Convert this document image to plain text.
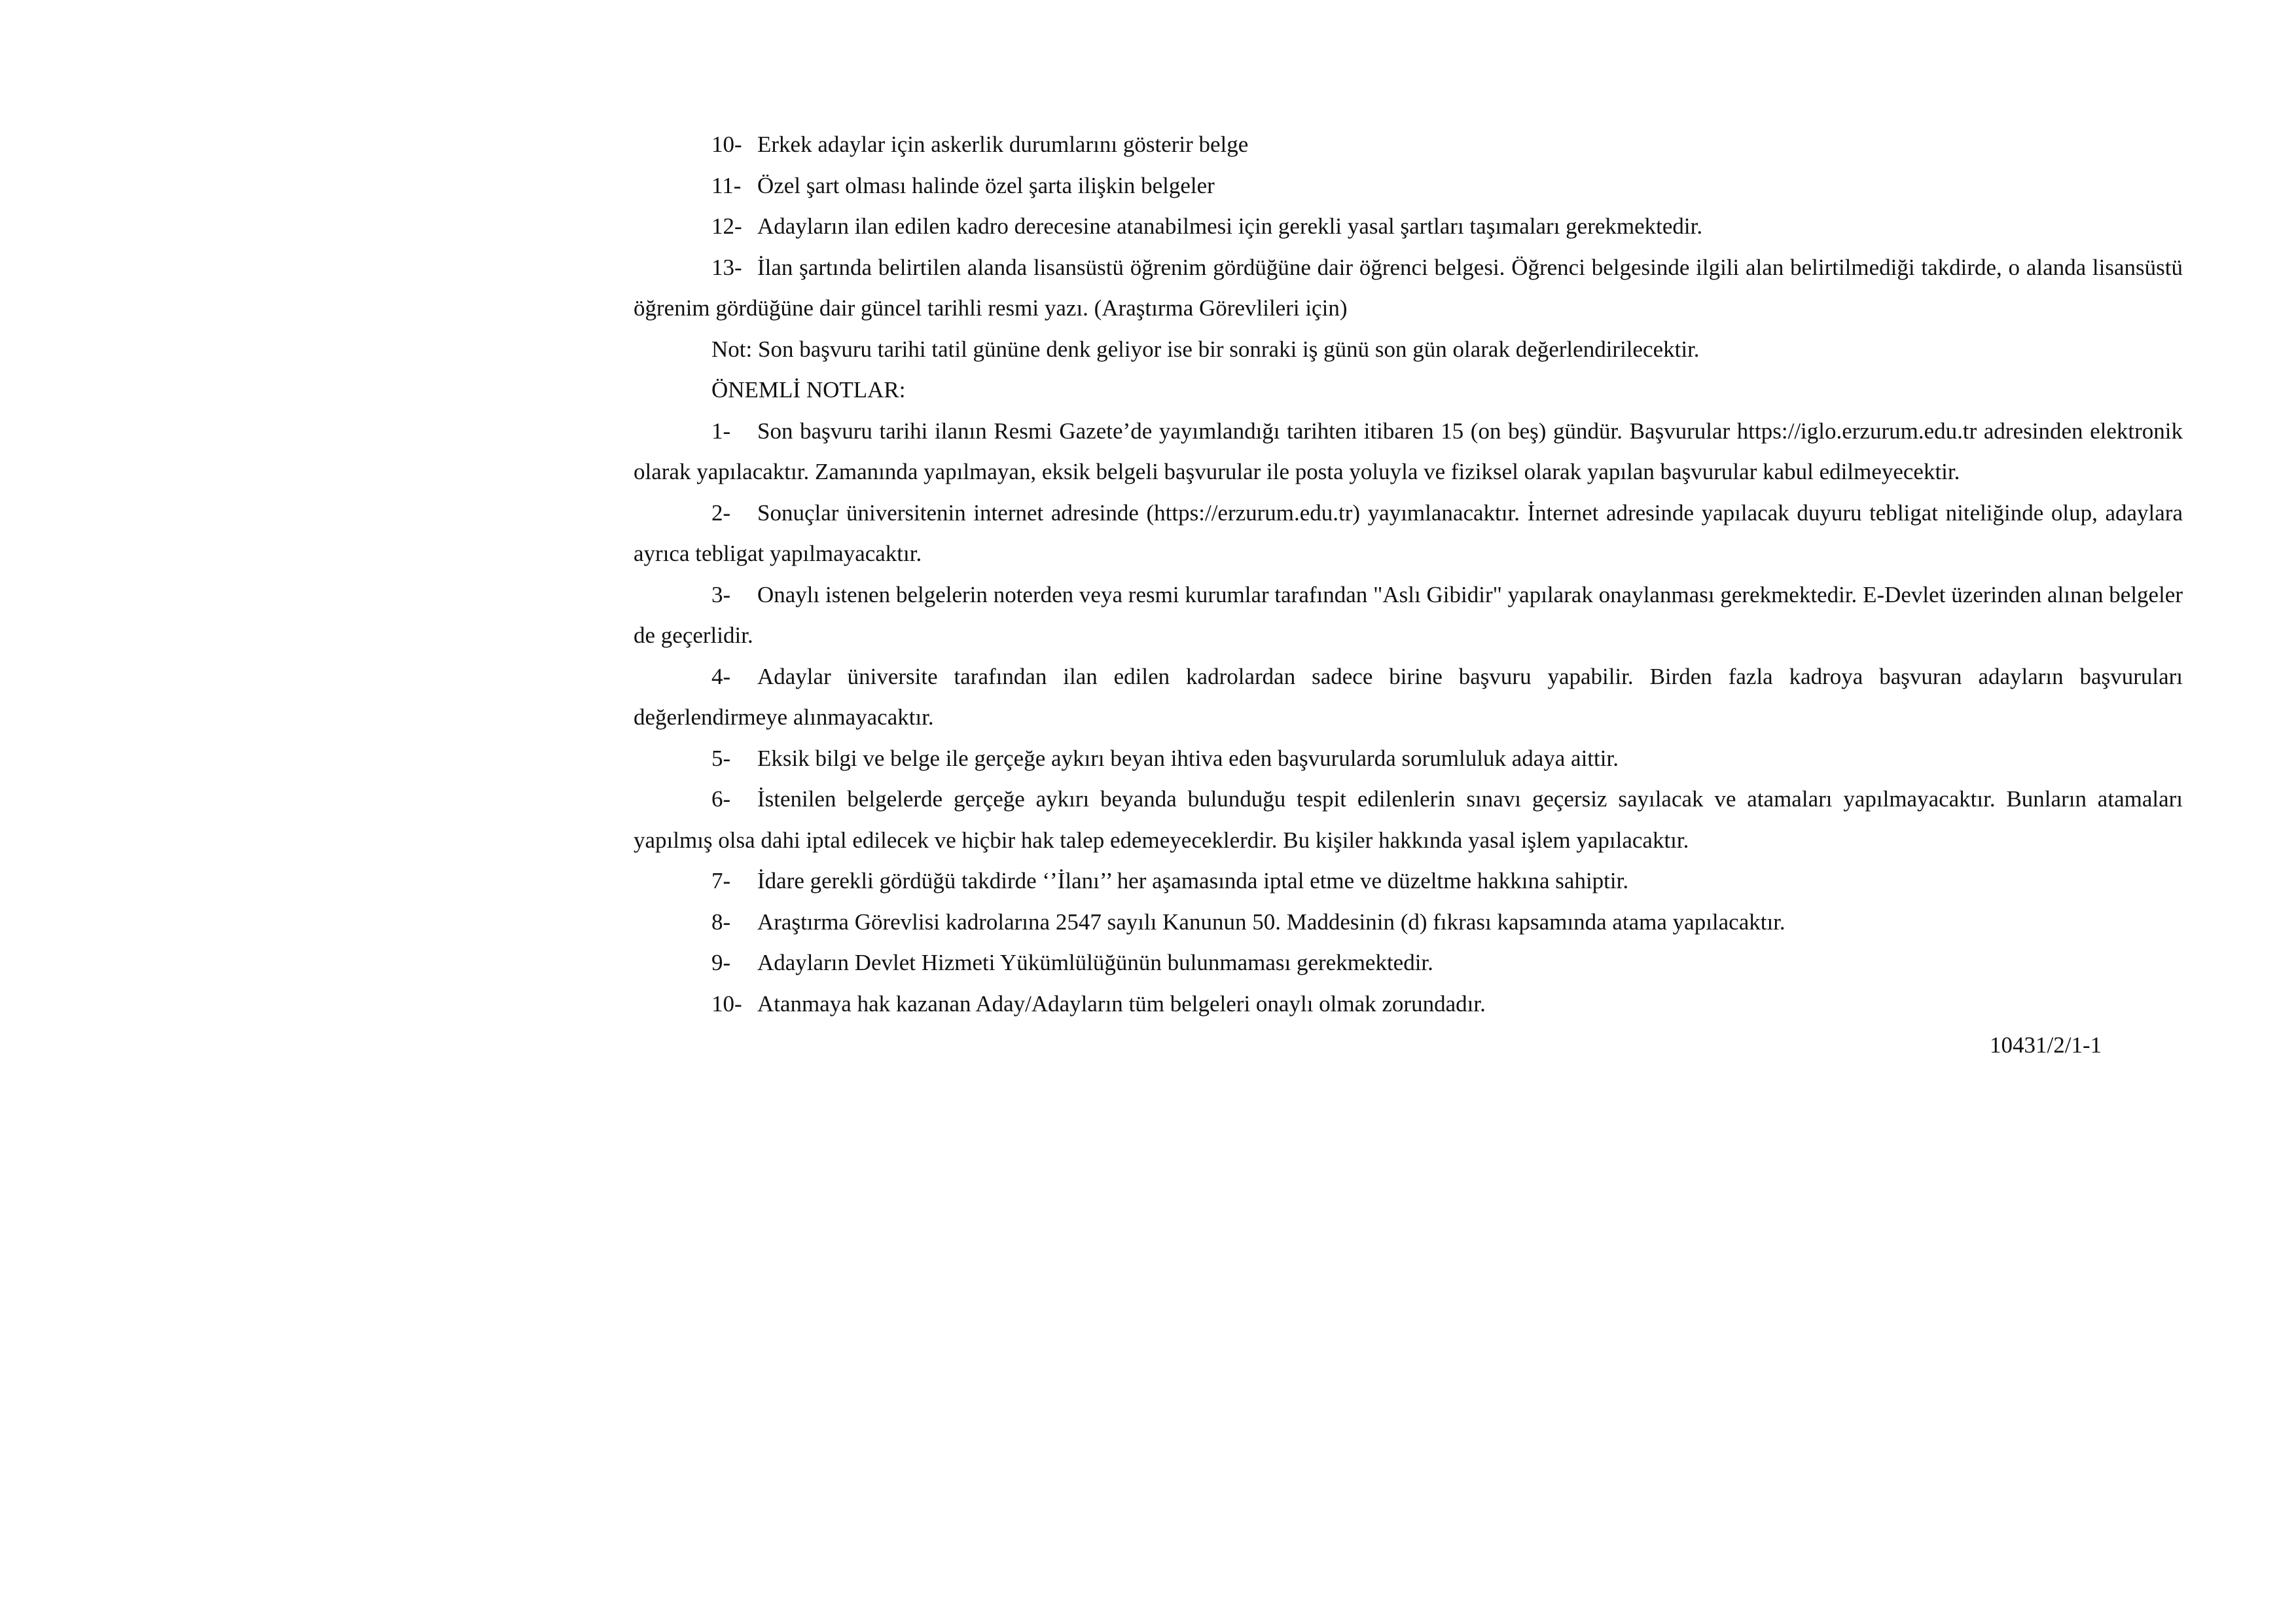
10- Erkek adaylar için askerlik durumlarını gösterir belge

11- Özel şart olması halinde özel şarta ilişkin belgeler

12- Adayların ilan edilen kadro derecesine atanabilmesi için gerekli yasal şartları taşımaları gerekmektedir.

13- İlan şartında belirtilen alanda lisansüstü öğrenim gördüğüne dair öğrenci belgesi. Öğrenci belgesinde ilgili alan belirtilmediği takdirde, o alanda lisansüstü öğrenim gördüğüne dair güncel tarihli resmi yazı. (Araştırma Görevlileri için)

Not: Son başvuru tarihi tatil gününe denk geliyor ise bir sonraki iş günü son gün olarak değerlendirilecektir.

ÖNEMLİ NOTLAR:

1- Son başvuru tarihi ilanın Resmi Gazete’de yayımlandığı tarihten itibaren 15 (on beş) gündür. Başvurular https://iglo.erzurum.edu.tr adresinden elektronik olarak yapılacaktır. Zamanında yapılmayan, eksik belgeli başvurular ile posta yoluyla ve fiziksel olarak yapılan başvurular kabul edilmeyecektir.

2- Sonuçlar üniversitenin internet adresinde (https://erzurum.edu.tr) yayımlanacaktır. İnternet adresinde yapılacak duyuru tebligat niteliğinde olup, adaylara ayrıca tebligat yapılmayacaktır.

3- Onaylı istenen belgelerin noterden veya resmi kurumlar tarafından "Aslı Gibidir" yapılarak onaylanması gerekmektedir. E-Devlet üzerinden alınan belgeler de geçerlidir.

4- Adaylar üniversite tarafından ilan edilen kadrolardan sadece birine başvuru yapabilir. Birden fazla kadroya başvuran adayların başvuruları değerlendirmeye alınmayacaktır.

5- Eksik bilgi ve belge ile gerçeğe aykırı beyan ihtiva eden başvurularda sorumluluk adaya aittir.

6- İstenilen belgelerde gerçeğe aykırı beyanda bulunduğu tespit edilenlerin sınavı geçersiz sayılacak ve atamaları yapılmayacaktır. Bunların atamaları yapılmış olsa dahi iptal edilecek ve hiçbir hak talep edemeyeceklerdir. Bu kişiler hakkında yasal işlem yapılacaktır.

7- İdare gerekli gördüğü takdirde ‘’İlanı’’ her aşamasında iptal etme ve düzeltme hakkına sahiptir.

8- Araştırma Görevlisi kadrolarına 2547 sayılı Kanunun 50. Maddesinin (d) fıkrası kapsamında atama yapılacaktır.

9- Adayların Devlet Hizmeti Yükümlülüğünün bulunmaması gerekmektedir.

10- Atanmaya hak kazanan Aday/Adayların tüm belgeleri onaylı olmak zorundadır.

10431/2/1-1
